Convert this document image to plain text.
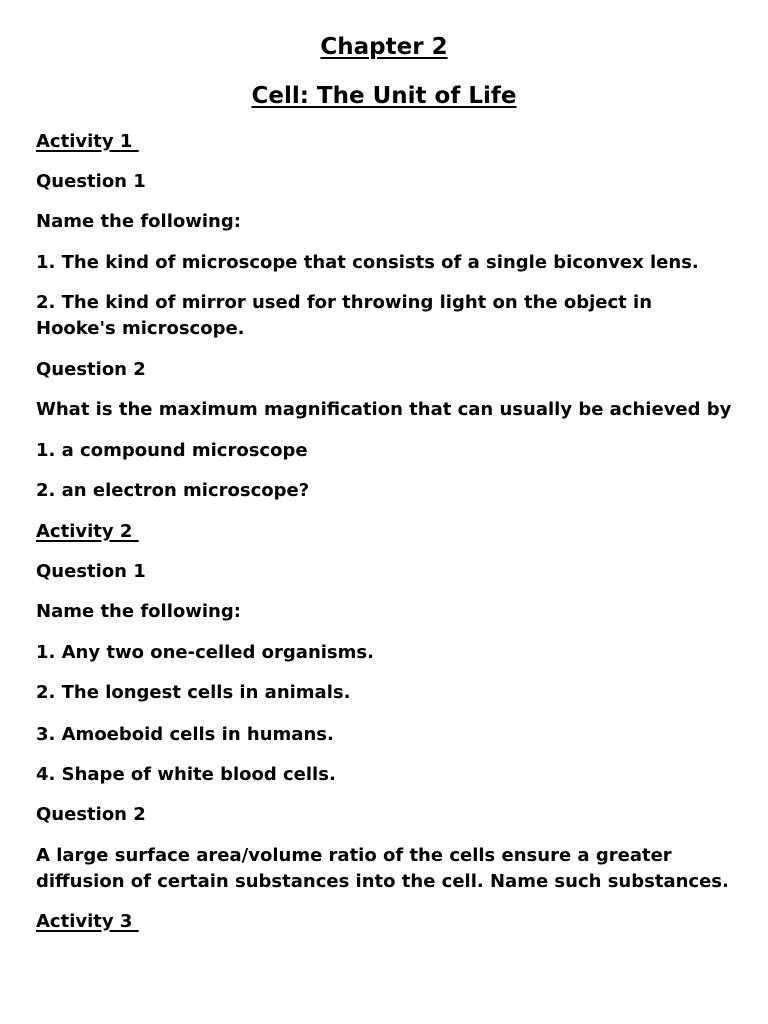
Chapter 2
Cell: The Unit of Life
Activity 1
Question 1
Name the following:
1. The kind of microscope that consists of a single biconvex lens.
2. The kind of mirror used for throwing light on the object in Hooke's microscope.
Question 2
What is the maximum magnification that can usually be achieved by
1. a compound microscope
2. an electron microscope?
Activity 2
Question 1
Name the following:
1. Any two one-celled organisms.
2. The longest cells in animals.
3. Amoeboid cells in humans.
4. Shape of white blood cells.
Question 2
A large surface area/volume ratio of the cells ensure a greater diffusion of certain substances into the cell. Name such substances.
Activity 3
